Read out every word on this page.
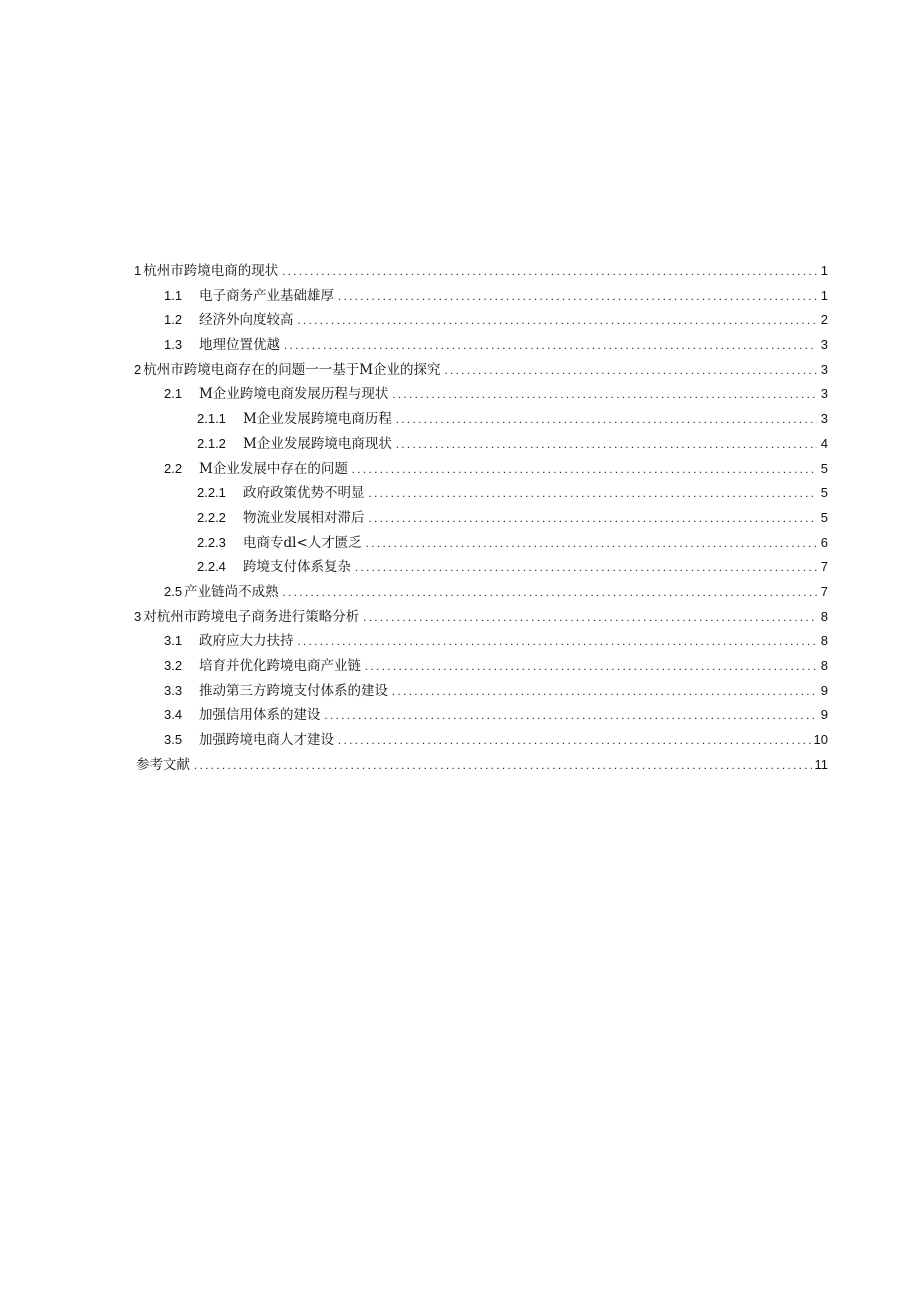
1 杭州市跨境电商的现状 .....	1
1.1	电子商务产业基础雄厚 .....	1
1.2	经济外向度较高 .....	2
1.3	地理位置优越 .....	3
2 杭州市跨境电商存在的问题一一基于M企业的探究 .....	3
2.1	M企业跨境电商发展历程与现状 .....	3
2.1.1	M企业发展跨境电商历程 .....	3
2.1.2	M企业发展跨境电商现状 .....	4
2.2	M企业发展中存在的问题 .....	5
2.2.1	政府政策优势不明显 .....	5
2.2.2	物流业发展相对滞后 .....	5
2.2.3	电商专dl<人才匮乏 .....	6
2.2.4	跨境支付体系复杂 .....	7
2.5 产业链尚不成熟 .....	7
3 对杭州市跨境电子商务进行策略分析 .....	8
3.1	政府应大力扶持 .....	8
3.2	培育并优化跨境电商产业链 .....	8
3.3	推动第三方跨境支付体系的建设 .....	9
3.4	加强信用体系的建设 .....	9
3.5	加强跨境电商人才建设 .....	10
参考文献 .....	11
